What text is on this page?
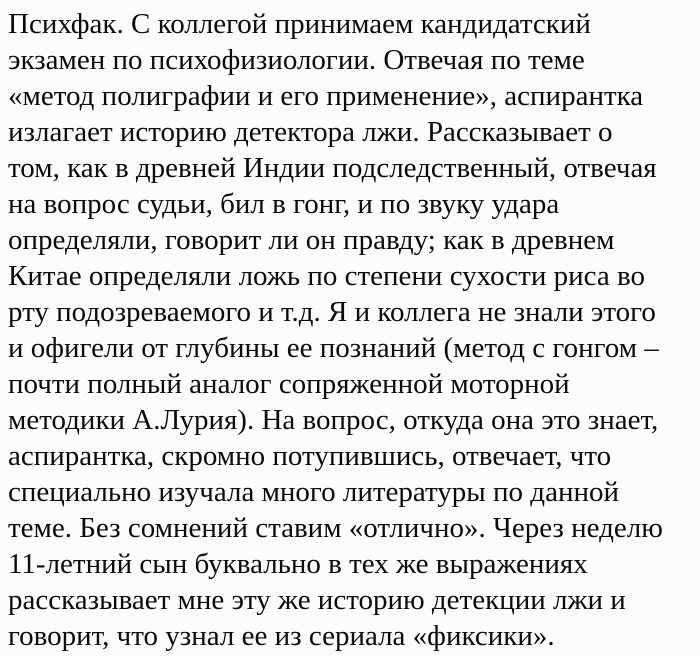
Психфак. С коллегой принимаем кандидатский
экзамен по психофизиологии. Отвечая по теме
«метод полиграфии и его применение», аспирантка
излагает историю детектора лжи. Рассказывает о
том, как в древней Индии подследственный, отвечая
на вопрос судьи, бил в гонг, и по звуку удара
определяли, говорит ли он правду; как в древнем
Китае определяли ложь по степени сухости риса во
рту подозреваемого и т.д. Я и коллега не знали этого
и офигели от глубины ее познаний (метод с гонгом –
почти полный аналог сопряженной моторной
методики А.Лурия). На вопрос, откуда она это знает,
аспирантка, скромно потупившись, отвечает, что
специально изучала много литературы по данной
теме. Без сомнений ставим «отлично». Через неделю
11-летний сын буквально в тех же выражениях
рассказывает мне эту же историю детекции лжи и
говорит, что узнал ее из сериала «фиксики».
